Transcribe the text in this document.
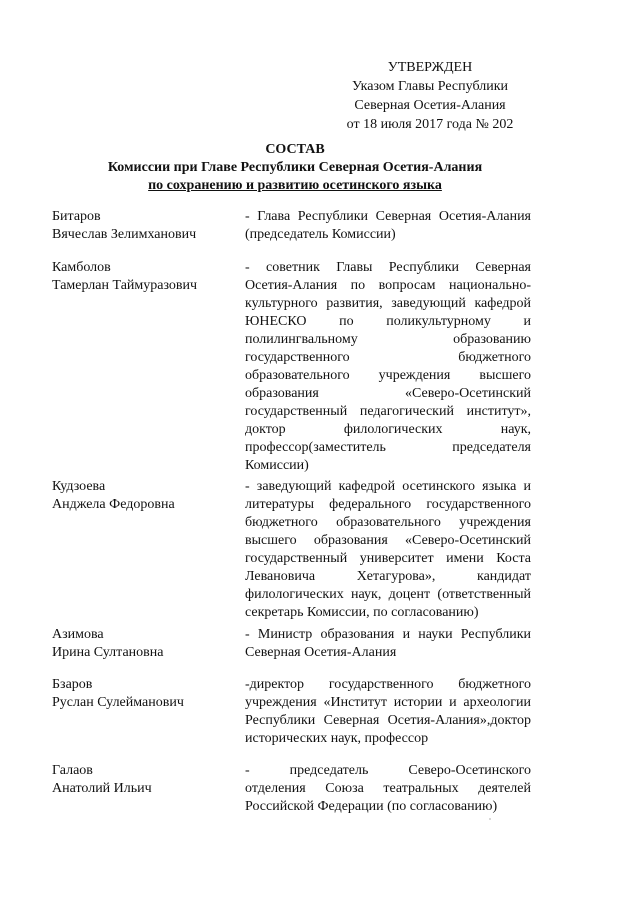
УТВЕРЖДЕН
Указом Главы Республики
Северная Осетия-Алания
от 18 июля 2017 года № 202
СОСТАВ
Комиссии при Главе Республики Северная Осетия-Алания
по сохранению и развитию осетинского языка
Битаров
Вячеслав Зелимханович
- Глава Республики Северная Осетия-Алания
(председатель Комиссии)
Камболов
Тамерлан Таймуразович
- советник Главы Республики Северная
Осетия-Алания по вопросам национально-
культурного развития, заведующий кафедрой
ЮНЕСКО по поликультурному и
полилингвальному образованию
государственного бюджетного
образовательного учреждения высшего
образования «Северо-Осетинский
государственный педагогический институт»,
доктор филологических наук,
профессор(заместитель председателя
Комиссии)
Кудзоева
Анджела Федоровна
- заведующий кафедрой осетинского языка и
литературы федерального государственного
бюджетного образовательного учреждения
высшего образования «Северо-Осетинский
государственный университет имени Коста
Левановича Хетагурова», кандидат
филологических наук, доцент (ответственный
секретарь Комиссии, по согласованию)
Азимова
Ирина Султановна
- Министр образования и науки Республики
Северная Осетия-Алания
Бзаров
Руслан Сулейманович
-директор государственного бюджетного
учреждения «Институт истории и археологии
Республики Северная Осетия-Алания»,доктор
исторических наук, профессор
Галаов
Анатолий Ильич
- председатель Северо-Осетинского
отделения Союза театральных деятелей
Российской Федерации (по согласованию)
